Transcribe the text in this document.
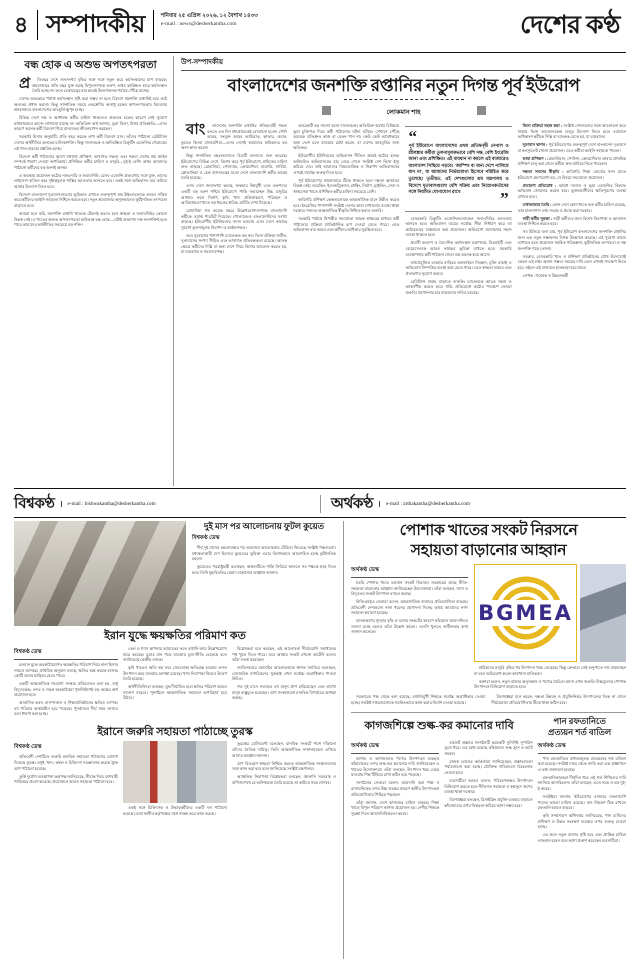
৪ সম্পাদকীয়	শনিবার ২৫ এপ্রিল ২০২৬, ১২ বৈশাখ ১৪৩৩
e-mail : news@desherkantha.com	দেশের কণ্ঠ
বন্ধ হোক এ অশুভ অপতৎপরতা

প্রতিবছর দেশে জনসংখ্যা বৃদ্ধির সঙ্গে সঙ্গে নতুন করে কর্মসংস্থানের চাপ বাড়ছে। শ্রমবাজারে প্রতি বছর যুক্ত হচ্ছে বিপুলসংখ্যক তরুণ, অথচ কাঙ্ক্ষিত হারে কর্মসংস্থান তৈরি হচ্ছে না। ফলে বেকারত্বের হার ক্রমেই উদ্বেগজনক পর্যায়ে পৌঁছে যাচ্ছে।

দেশের অভ্যন্তরে পর্যাপ্ত কর্মসংস্থান সৃষ্টি করা সম্ভব না হলে বিদেশে শ্রমশক্তি রপ্তানিই হয়ে ওঠে অন্যতম প্রধান ভরসা। কিন্তু সাম্প্রতিক সময়ে একশ্রেণির অসাধু চক্রের অপতৎপরতায় বিদেশের শ্রমবাজারে বাংলাদেশের ভাবমূর্তি ক্ষুণ্ন হচ্ছে।

বিভিন্ন দেশে দক্ষ ও আধাদক্ষ কর্মীর চাহিদা থাকলেও প্রতারক চক্রের কারণে সেই সুযোগ যথাযথভাবে কাজে লাগানো যাচ্ছে না। অতিরিক্ত অর্থ আদায়, ভুয়া ভিসা, মিথ্যা প্রতিশ্রুতি—এসব কারণে অনেক কর্মী বিদেশে গিয়ে মানবেতর জীবনযাপন করছেন।

সরকারি হিসাব অনুযায়ী, প্রতি বছর কয়েক লাখ কর্মী বিদেশে যান। তাঁদের পাঠানো রেমিট্যান্স দেশের অর্থনীতির অন্যতম চালিকাশক্তি। কিন্তু দালালচক্র ও অনিবন্ধিত রিক্রুটিং এজেন্সির দৌরাত্ম্যে এই খাত বারবার প্রশ্নবিদ্ধ হচ্ছে।

বিদেশে কর্মী পাঠানোর আগে যথাযথ প্রশিক্ষণ, ভাষাগত দক্ষতা এবং গন্তব্য দেশের শ্রম আইন সম্পর্কে ধারণা দেওয়া অপরিহার্য। প্রশিক্ষিত কর্মীর চাহিদা ও মজুরি—দুই-ই বেশি। অথচ আমাদের পাঠানো কর্মীদের বড় অংশই অদক্ষ।

এ অবস্থায় প্রয়োজন কঠোর নজরদারি ও জবাবদিহি। যেসব এজেন্সি প্রতারণার সঙ্গে যুক্ত, তাদের লাইসেন্স বাতিল করে দৃষ্টান্তমূলক শাস্তির আওতায় আনতে হবে। একই সঙ্গে অভিবাসন ব্যয় কমিয়ে আনার উদ্যোগ নিতে হবে।

বিদেশে বাংলাদেশ দূতাবাসগুলোর ভূমিকাও এখানে গুরুত্বপূর্ণ। শ্রম উইংগুলোকে আরও সক্রিয় করে কর্মীদের আইনি সহায়তা নিশ্চিত করতে হবে। নতুন শ্রমবাজার অনুসন্ধানেও কূটনৈতিক তৎপরতা বাড়াতে হবে।

আমরা মনে করি, জনশক্তি রপ্তানি খাতকে টেকসই করতে হলে স্বচ্ছতা ও জবাবদিহির কোনো বিকল্প নেই। এ খাতের অশুভ অপতৎপরতা অবিলম্বে বন্ধ হোক—এটাই প্রত্যাশা। দক্ষ জনশক্তিই হতে পারে আমাদের অর্থনীতির সবচেয়ে বড় শক্তি।

উপ-সম্পাদকীয়
বাংলাদেশের জনশক্তি রপ্তানির নতুন দিগন্ত পূর্ব ইউরোপ

লোকমান শাহ

বাংলাদেশের জনশক্তি রপ্তানির ঐতিহ্যবাহী গন্তব্য বলতে এত দিন মধ্যপ্রাচ্যকেই বোঝানো হতো। সৌদি আরব, সংযুক্ত আরব আমিরাত, কাতার, ওমান, কুয়েত কিংবা মালয়েশিয়া—এসব দেশেই আমাদের শ্রমিকদের বড় অংশ কাজ করেন।

কিন্তু সাম্প্রতিক বছরগুলোতে চিত্রটি বদলাতে শুরু করেছে। ইউরোপের বিভিন্ন দেশে, বিশেষ করে পূর্ব ইউরোপে, শ্রমিকের চাহিদা দ্রুত বাড়ছে। রোমানিয়া, পোল্যান্ড, ক্রোয়েশিয়া, হাঙ্গেরি, সার্বিয়া, স্লোভাকিয়া ও চেক প্রজাতন্ত্রের মতো দেশে বাংলাদেশি কর্মীর আগ্রহ তৈরি হয়েছে।

এসব দেশে জনসংখ্যা কমছে, জন্মহার নিম্নমুখী এবং তরুণদের একটি বড় অংশ পশ্চিম ইউরোপে পাড়ি জমাচ্ছেন উচ্চ মজুরির আশায়। ফলে নির্মাণ, কৃষি, খাদ্য প্রক্রিয়াকরণ, পরিবহন ও আতিথেয়তা খাতে বড় ধরনের শ্রমিক–ঘাটতি দেখা দিয়েছে।

রোমানিয়া গত কয়েক বছরে উল্লেখযোগ্যসংখ্যক বাংলাদেশি কর্মীকে ওয়ার্ক পারমিট দিয়েছে। পোল্যান্ডেও বাংলাদেশিদের সংখ্যা বাড়ছে। ইউরোপীয় ইউনিয়নের সদস্য হওয়ায় এসব দেশে কাজের সুযোগ তুলনামূলক নিরাপদ ও আইনসম্মত।

তবে সুযোগের পাশাপাশি চ্যালেঞ্জও কম নয়। ভিসা প্রক্রিয়া জটিল, দূতাবাসের সংখ্যা সীমিত এবং ভাষাগত প্রতিবন্ধকতা রয়েছে। অনেক ক্ষেত্রে কর্মীদের দিল্লি বা অন্য দেশে গিয়ে ভিসার আবেদন করতে হয়, যা ব্যয়বহুল ও সময়সাপেক্ষ।

আরেকটি বড় সমস্যা হলো দালালচক্র। অতিরিক্ত অর্থের বিনিময়ে ভুয়া চুক্তিপত্র দিয়ে কর্মী পাঠানোর ঘটনা ঘটছে। সেখানে পৌঁছে অনেকে প্রতিশ্রুত কাজ বা বেতন পান না। কেউ কেউ অবৈধভাবে অন্য দেশে চলে যাওয়ার চেষ্টা করেন, যা দেশের ভাবমূর্তির জন্য ক্ষতিকর।

ইউরোপীয় ইউনিয়নের অভিবাসন নীতিও ক্রমেই কঠোর হচ্ছে। অনিয়মিত অভিবাসনের হার বেড়ে গেলে সংশ্লিষ্ট দেশ ভিসা ইস্যু কমিয়ে দেয়। তাই আমাদের নিয়মতান্ত্রিক ও নিরাপদ অভিবাসনের ওপরই সর্বোচ্চ গুরুত্ব দিতে হবে।

পূর্ব ইউরোপের শ্রমবাজারে টিকে থাকতে হলে দক্ষতা অর্জনের বিকল্প নেই। ওয়েল্ডিং, ইলেকট্রিক্যাল, প্লাম্বিং, নির্মাণ, ড্রাইভিং, সেবা ও স্বাস্থ্যসেবা খাতে প্রশিক্ষিত কর্মীর চাহিদা সবচেয়ে বেশি।

কারিগরি প্রশিক্ষণ কেন্দ্রগুলোকে আন্তর্জাতিক মানে উন্নীত করতে হবে। ইংরেজির পাশাপাশি সংশ্লিষ্ট দেশের ভাষা শেখানোর ব্যবস্থা থাকা দরকার। সনদের আন্তর্জাতিক স্বীকৃতি নিশ্চিত করাও জরুরি।

সরকারি পর্যায়ে দ্বিপক্ষীয় সমঝোতা স্মারক স্বাক্ষরের মাধ্যমে কর্মী পাঠানোর প্রক্রিয়া প্রাতিষ্ঠানিক রূপ দেওয়া যেতে পারে। এতে অভিবাসন ব্যয় কমবে এবং কর্মীদের অধিকার সুরক্ষিত হবে।

“
পূর্ব ইউরোপে বাংলাদেশের প্রথম প্রতিদ্বন্দ্বী নেপাল ও শ্রীলঙ্কার কর্মীরা তুলনামূলকভাবে বেশি দক্ষ, বেশি ইংরেজি জানা এবং প্রশিক্ষিত। এই ব্যবধান না কমলে এই বাজারেও বাংলাদেশ পিছিয়ে পড়বে। 'জাম্পিং বা অন্য দেশে পালিয়ে যান না', যা আমাদের নির্ভরযোগ্য হিসেবে পরিচিত করে তুলেছে। তৃতীয়ত, এই দেশগুলোর শ্রম মন্ত্রণালয় ও বিদেশে দূতাবাসগুলো বেশি সক্রিয় এবং নিয়োগকর্তাদের সঙ্গে নিয়মিত যোগাযোগ রাখে	”

বেসরকারি রিক্রুটিং এজেন্সিগুলোকেও জবাবদিহির আওতায় আনতে হবে। অভিবাসন ব্যয়ের সর্বোচ্চ সীমা নির্ধারণ করে তা কঠোরভাবে বাস্তবায়ন করা প্রয়োজন। অভিযোগ জানানোর সহজ ব্যবস্থা থাকতে হবে।

প্রবাসী কল্যাণ ও বৈদেশিক কর্মসংস্থান মন্ত্রণালয়, বিএমইটি এবং বোয়েসেলকে আরও কার্যকর ভূমিকা রাখতে হবে। সরকারি ব্যবস্থাপনায় কর্মী পাঠানো গেলে ব্যয় অনেক কমে আসে।

তথ্যপ্রযুক্তির ব্যবহার বাড়িয়ে অনলাইনে নিবন্ধন, চুক্তি যাচাই ও অভিযোগ নিষ্পত্তির ব্যবস্থা করা যেতে পারে। এতে স্বচ্ছতা বাড়বে এবং প্রতারণার সুযোগ কমবে।

রেমিট্যান্স প্রবাহ বাড়াতে ব্যাংকিং চ্যানেলকে আরও সহজ ও আকর্ষণীয় করতে হবে। হুন্ডি প্রতিরোধে কঠোর পদক্ষেপ নেওয়া জরুরি। প্রণোদনার হার বাড়ানোর দাবিও রয়েছে।

ভিসা প্রক্রিয়া সহজ করা : সংশ্লিষ্ট দেশগুলোর সঙ্গে আলোচনা করে ঢাকায় ভিসা আবেদনকেন্দ্র চালুর উদ্যোগ নিতে হবে। বর্তমানে অধিকাংশ কর্মীকে দিল্লি বা ব্যাংকক যেতে হয়, যা ব্যয়বহুল।

দূতাবাস স্থাপন : পূর্ব ইউরোপের গুরুত্বপূর্ণ দেশে বাংলাদেশ দূতাবাস বা কনস্যুলেট খোলা প্রয়োজন। এতে কর্মীরা আইনি সহায়তা পাবেন।

ভাষা প্রশিক্ষণ : রোমানিয়ান, পোলিশ, ক্রোয়েশিয়ান ভাষার প্রাথমিক প্রশিক্ষণ চালু করা গেলে কর্মীরা দ্রুত মানিয়ে নিতে পারবেন।

দক্ষতা সনদের স্বীকৃতি : কারিগরি শিক্ষা বোর্ডের সনদ যাতে ইউরোপে গ্রহণযোগ্য হয়, সে বিষয়ে সমঝোতা প্রয়োজন।

প্রতারণা প্রতিরোধ : অবৈধ দালাল ও ভুয়া এজেন্সির বিরুদ্ধে অভিযান জোরদার করতে হবে। ভুক্তভোগীদের ক্ষতিপূরণের ব্যবস্থা রাখতে হবে।

তথ্যভান্ডার তৈরি : কোন দেশে কোন খাতে কত কর্মীর চাহিদা রয়েছে, তার হালনাগাদ তথ্য সংগ্রহ ও প্রচার করা দরকার।

নারী কর্মীর সুরক্ষা : নারী কর্মীদের জন্য বিশেষ নিরাপত্তা ও আবাসন ব্যবস্থা নিশ্চিত করতে হবে।

সব মিলিয়ে বলা যায়, পূর্ব ইউরোপ বাংলাদেশের জনশক্তি রপ্তানির জন্য এক নতুন সম্ভাবনার দিগন্ত উন্মোচন করেছে। এই সুযোগ কাজে লাগাতে হলে প্রয়োজন সমন্বিত পরিকল্পনা, কূটনৈতিক তৎপরতা ও দক্ষ জনশক্তি গড়ে তোলা।

সরকার, বেসরকারি খাত ও প্রশিক্ষণ প্রতিষ্ঠানের যৌথ উদ্যোগেই কেবল এই লক্ষ্য অর্জন সম্ভব। সময়ের দাবি মেনে এখনই পদক্ষেপ নিতে হবে, নইলে এই বাজারও হাতছাড়া হয়ে যাবে।

লেখক : গবেষক ও উন্নয়নকর্মী

বিশ্বকণ্ঠ	e-mail : bishwakantha@desherkantha.com	অর্থকণ্ঠ	e-mail : arthakantha@desherkantha.com
দুই মাস পর আলোচনায় ফুটল কুয়েত
বিশ্বকণ্ঠ ডেস্ক

দীর্ঘ দুই মাসের অচলাবস্থার পর অবশেষে আলোচনার টেবিলে ফিরেছে সংশ্লিষ্ট পক্ষগুলো। মধ্যস্থতাকারী দেশ হিসেবে কুয়েতের ভূমিকা এবার বিশেষভাবে আলোচিত হচ্ছে কূটনৈতিক মহলে।

কুয়েতের পররাষ্ট্রমন্ত্রী বলেছেন, অঞ্চলটিতে শান্তি ফিরিয়ে আনতে সব পক্ষকে ছাড় দিতে হবে। তিনি যুদ্ধবিরতির মেয়াদ বাড়ানোর আহ্বান জানান।

ইরান যুদ্ধে ক্ষয়ক্ষতির পরিমাণ কত
বিশ্বকণ্ঠ ডেস্ক

চলমান যুদ্ধে অবকাঠামোগত ক্ষয়ক্ষতির পরিমাণ নিয়ে নানা হিসাব সামনে আসছে। প্রাথমিক অনুমান বলছে, ক্ষতির অঙ্ক কয়েক হাজার কোটি ডলার ছাড়িয়ে যেতে পারে।

একটি আন্তর্জাতিক গবেষণা সংস্থার প্রতিবেদনে বলা হয়, শুধু বিদ্যুৎকেন্দ্র, বন্দর ও সড়ক অবকাঠামো পুনর্নির্মাণেই বড় অঙ্কের অর্থ প্রয়োজন হবে।

আবাসিক ভবন, হাসপাতাল ও শিক্ষাপ্রতিষ্ঠানের ক্ষতিও ব্যাপক। বহু পরিবার আশ্রয়হীন হয়ে পড়েছে। পুনর্বাসনে দীর্ঘ সময় লাগবে বলে ধারণা করা হচ্ছে।

তেল ও গ্যাস স্থাপনায় আঘাতের ফলে রপ্তানি আয় উল্লেখযোগ্য হারে কমেছে। মুদ্রার মান পড়ে যাওয়ায় মূল্যস্ফীতি বেড়েছে বলে জানিয়েছে কেন্দ্রীয় ব্যাংক।

কৃষি খাতেও ক্ষতি কম নয়। সেচব্যবস্থা ক্ষতিগ্রস্ত হওয়ায় ফসল উৎপাদন কমে যাওয়ার আশঙ্কা রয়েছে। খাদ্য নিরাপত্তা নিয়েও উদ্বেগ তৈরি হয়েছে।

অর্থনীতিবিদরা বলছেন, যুদ্ধ দীর্ঘায়িত হলে ক্ষতির পরিমাণ আরও বহুগুণ বাড়বে। পুনর্গঠনে আন্তর্জাতিক সহায়তা অপরিহার্য হয়ে উঠবে।

বিশ্লেষকরা মনে করছেন, এই আলোচনা দীর্ঘমেয়াদি সমাধানের পথ খুলে দিতে পারে। তবে আস্থার সংকট এখনো কাটেনি বলেও তাঁরা সতর্ক করেছেন।

জাতিসংঘের মহাসচিব আলোচনাকে স্বাগত জানিয়ে বলেছেন, বেসামরিক নাগরিকদের সুরক্ষাই এখন সর্বোচ্চ অগ্রাধিকার পাওয়া উচিত।

গত দুই মাসে সংঘাতে বহু মানুষ প্রাণ হারিয়েছেন এবং লাখো মানুষ বাস্তুচ্যুত হয়েছেন। ত্রাণ সংস্থাগুলো মানবিক বিপর্যয়ের আশঙ্কা করছে।

ইরানে জরুরি সহায়তা পাঠাচ্ছে তুরস্ক
বিশ্বকণ্ঠ ডেস্ক

প্রতিবেশী দেশটিতে জরুরি মানবিক সহায়তা পাঠানোর ঘোষণা দিয়েছে তুরস্ক। ওষুধ, খাদ্য, কম্বল ও চিকিৎসা সরঞ্জামসহ কয়েক ট্রাক ত্রাণ পাঠানো হয়েছে।

তুর্কি দুর্যোগ ব্যবস্থাপনা কর্তৃপক্ষ জানিয়েছে, সীমান্ত দিয়ে ত্রাণবাহী গাড়িবহর প্রবেশ করেছে। প্রয়োজনে আরও সহায়তা পাঠানো হবে।

একই সঙ্গে চিকিৎসক ও উদ্ধারকর্মীদের একটি দল পাঠানো হয়েছে। তারা স্থানীয় কর্তৃপক্ষের সঙ্গে সমন্বয় করে কাজ করছে।

তুরস্কের প্রেসিডেন্ট বলেছেন, মানবিক সংকটে পাশে দাঁড়ানো তাঁদের নৈতিক দায়িত্ব। তিনি আন্তর্জাতিক সম্প্রদায়কেও এগিয়ে আসার আহ্বান জানান।

ত্রাণ বিতরণে স্বচ্ছতা নিশ্চিত করতে আন্তর্জাতিক সংস্থাগুলোর সঙ্গে কাজ করা হবে বলে জানিয়েছে সংশ্লিষ্ট মন্ত্রণালয়।

আঞ্চলিক নিরাপত্তা বিশ্লেষকরা বলছেন, জ্বালানি সরবরাহ ও বাণিজ্যপথে যে অনিশ্চয়তা তৈরি হয়েছে তা কাটতে সময় লাগবে।

পোশাক খাতের সংকট নিরসনে
সহায়তা বাড়ানোর আহ্বান
অর্থকণ্ঠ ডেস্ক

তৈরি পোশাক খাতে চলমান সংকট নিরসনে সরকারের কাছে নীতি-সহায়তা বাড়ানোর আহ্বান জানিয়েছেন উদ্যোক্তারা। তাঁরা বলছেন, গ্যাস ও বিদ্যুতের সংকট উৎপাদন ব্যাহত করছে।

বিজিএমইএ নেতারা বলেন, আন্তর্জাতিক বাজারে প্রতিযোগিতা বাড়ছে। প্রতিবেশী দেশগুলো নানা ধরনের প্রণোদনা দিচ্ছে, অথচ আমাদের নগদ সহায়তা কমানো হয়েছে।

ব্যাংকঋণের সুদহার বৃদ্ধি ও ডলার সংকটের কারণে কাঁচামাল আমদানিতে সমস্যা হচ্ছে বলেও তাঁরা উল্লেখ করেন। এলসি খুলতে জটিলতার কথা জানান অনেকে।

BGMEA

শ্রমিকদের মজুরি বৃদ্ধির পর উৎপাদন খরচ বেড়েছে। কিন্তু ক্রেতারা সেই অনুপাতে দাম বাড়াচ্ছেন না বলে অভিযোগ করেন কারখানা মালিকরা।

বক্তারা বলেন, নতুন বাজার অনুসন্ধান ও পণ্যের বৈচিত্র্য আনা এখন জরুরি। উচ্চমূল্যের পোশাক উৎপাদনে বিনিয়োগ বাড়াতে হবে।

সরকারের পক্ষ থেকে বলা হয়েছে, রপ্তানিমুখী শিল্পকে সর্বোচ্চ অগ্রাধিকার দেওয়া হচ্ছে। সংশ্লিষ্ট দপ্তরগুলোকে সমন্বিতভাবে কাজ করার নির্দেশ দেওয়া হয়েছে।

বিশেষজ্ঞরা মনে করেন, দক্ষতা উন্নয়ন ও প্রযুক্তিনির্ভর উৎপাদনের দিকে না গেলে দীর্ঘমেয়াদে প্রতিযোগিতায় টিকে থাকা কঠিন হবে।

কাগজশিল্পে শুল্ক-কর কমানোর দাবি	পান রফতানিতে
প্রত্যয়ন শর্ত বাতিল
অর্থকণ্ঠ ডেস্ক

কাগজ ও কাগজজাত পণ্যের উৎপাদনে ব্যবহৃত কাঁচামালের ওপর শুল্ক-কর কমানোর দাবি জানিয়েছেন এ খাতের উদ্যোক্তারা। তাঁরা বলছেন, উৎপাদন খরচ বেড়ে যাওয়ায় শিল্প টিকিয়ে রাখা কঠিন হয়ে পড়েছে।

সংগঠনের নেতারা বলেন, আমদানি করা পাল্প ও রাসায়নিকের ওপর উচ্চ শুল্কের কারণে স্থানীয় উৎপাদকরা প্রতিযোগিতায় পিছিয়ে পড়ছেন।

তাঁরা জানান, দেশে কাগজের চাহিদা বাড়ছে। শিক্ষা খাতে বিপুল পরিমাণ কাগজ প্রয়োজন হয়। দেশীয় শিল্পকে সুরক্ষা দিলে আমদানিনির্ভরতা কমবে।

বাজেট প্রস্তাবে সংগঠনটি কয়েকটি সুনির্দিষ্ট সুপারিশ তুলে ধরে। এর মধ্যে রয়েছে কাঁচামালে শুল্ক হ্রাস ও ভ্যাট সমন্বয়।

রাজস্ব বোর্ডের কর্মকর্তারা জানিয়েছেন, প্রস্তাবগুলো পর্যালোচনা করা হচ্ছে। যৌক্তিক দাবিগুলো বিবেচনায় নেওয়া হবে।

ব্যবসায়ীরা আরও বলেন, পরিবেশবান্ধব উৎপাদনে বিনিয়োগ করতে হলে নীতিগত সহায়তা ও স্বল্পসুদে ঋণের ব্যবস্থা থাকা দরকার।

বিশেষজ্ঞরা বলছেন, রিসাইক্লিং প্রযুক্তি ব্যবহার বাড়ালে কাঁচামালের ওপর নির্ভরতা কমিয়ে আনা সম্ভব হবে।

অর্থকণ্ঠ ডেস্ক

পান রফতানিতে বাধ্যতামূলক প্রত্যয়নের শর্ত বাতিল করা হয়েছে। সংশ্লিষ্ট দপ্তর থেকে জারি করা এক প্রজ্ঞাপনে এ তথ্য জানানো হয়েছে।

রফতানিকারকরা দীর্ঘদিন ধরে এই শর্ত শিথিলের দাবি জানিয়ে আসছিলেন। তাঁরা বলছেন, এতে সময় ও ব্যয় দুই-ই কমবে।

সংশ্লিষ্টরা জানান, ইউরোপের বাজারে বাংলাদেশি পানের ভালো চাহিদা রয়েছে। মান নিয়ন্ত্রণ ঠিক রাখলে রফতানি আরও বাড়বে।

কৃষি সম্প্রসারণ অধিদপ্তর জানিয়েছে, পান চাষিদের প্রশিক্ষণ ও উন্নত সংরক্ষণ ব্যবস্থার ওপর গুরুত্ব দেওয়া হচ্ছে।

এর ফলে নতুন বাজার সৃষ্টি হবে এবং প্রান্তিক চাষিরা লাভবান হবেন বলে আশা প্রকাশ করেছেন ব্যবসায়ীরা।
